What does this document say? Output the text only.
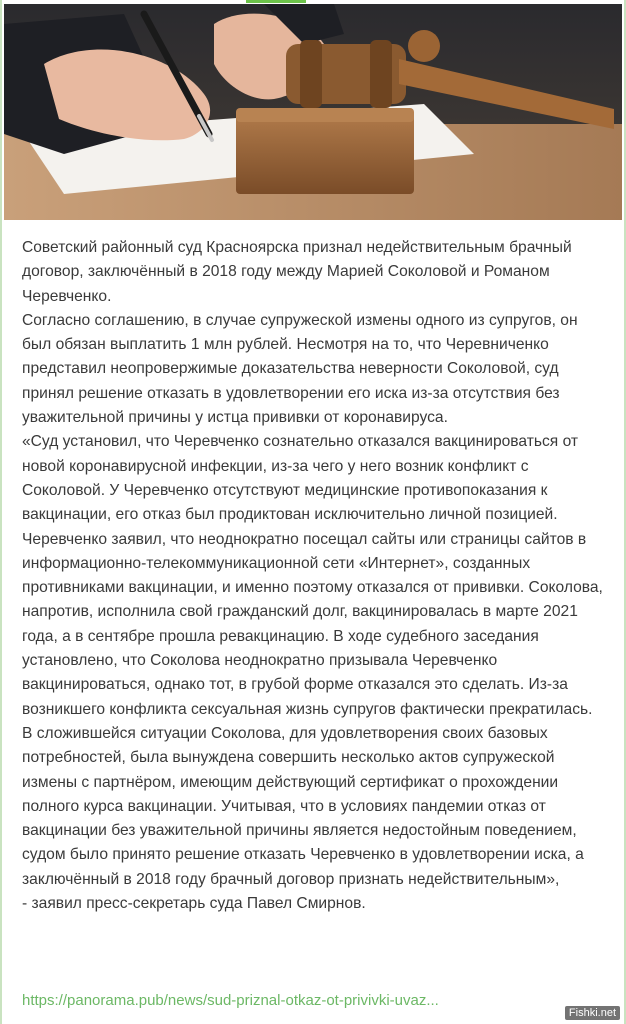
Советский районный суд Красноярска признал недействительным брачный договор, заключённый в 2018 году между Марией Соколовой и Романом Черевченко.

Согласно соглашению, в случае супружеской измены одного из супругов, он был обязан выплатить 1 млн рублей. Несмотря на то, что Черевниченко представил неопровержимые доказательства неверности Соколовой, суд принял решение отказать в удовлетворении его иска из-за отсутствия без уважительной причины у истца прививки от коронавируса.

«Суд установил, что Черевченко сознательно отказался вакцинироваться от новой коронавирусной инфекции, из-за чего у него возник конфликт с Соколовой. У Черевченко отсутствуют медицинские противопоказания к вакцинации, его отказ был продиктован исключительно личной позицией. Черевченко заявил, что неоднократно посещал сайты или страницы сайтов в информационно-телекоммуникационной сети «Интернет», созданных противниками вакцинации, и именно поэтому отказался от прививки. Соколова, напротив, исполнила свой гражданский долг, вакцинировалась в марте 2021 года, а в сентябре прошла ревакцинацию. В ходе судебного заседания установлено, что Соколова неоднократно призывала Черевченко вакцинироваться, однако тот, в грубой форме отказался это сделать. Из-за возникшего конфликта сексуальная жизнь супругов фактически прекратилась. В сложившейся ситуации Соколова, для удовлетворения своих базовых потребностей, была вынуждена совершить несколько актов супружеской измены с партнёром, имеющим действующий сертификат о прохождении полного курса вакцинации. Учитывая, что в условиях пандемии отказ от вакцинации без уважительной причины является недостойным поведением, судом было принято решение отказать Черевченко в удовлетворении иска, а заключённый в 2018 году брачный договор признать недействительным»,

- заявил пресс-секретарь суда Павел Смирнов.

https://panorama.pub/news/sud-priznal-otkaz-ot-privivki-uvaz...
Fishki.net
